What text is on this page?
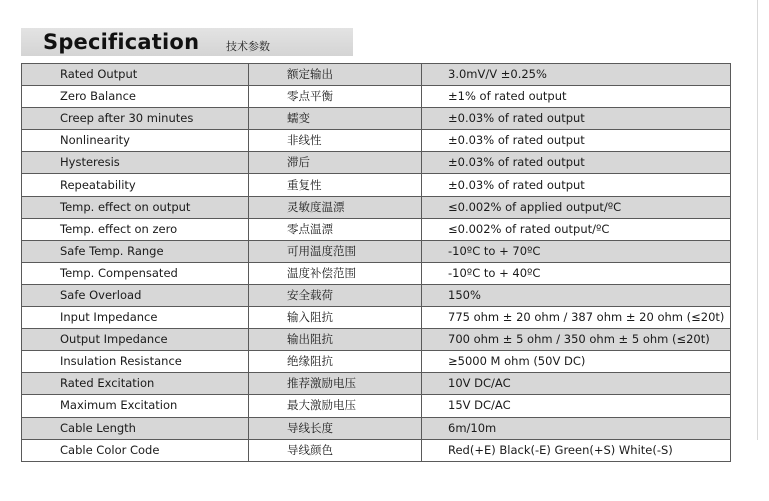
Specification 技术参数
Rated Output	额定输出	3.0mV/V ±0.25%
Zero Balance	零点平衡	±1% of rated output
Creep after 30 minutes	蠕变	±0.03% of rated output
Nonlinearity	非线性	±0.03% of rated output
Hysteresis	滞后	±0.03% of rated output
Repeatability	重复性	±0.03% of rated output
Temp. effect on output	灵敏度温漂	≤0.002% of applied output/ºC
Temp. effect on zero	零点温漂	≤0.002% of rated output/ºC
Safe Temp. Range	可用温度范围	-10ºC to + 70ºC
Temp. Compensated	温度补偿范围	-10ºC to + 40ºC
Safe Overload	安全载荷	150%
Input Impedance	输入阻抗	775 ohm ± 20 ohm / 387 ohm ± 20 ohm (≤20t)
Output Impedance	输出阻抗	700 ohm ± 5 ohm / 350 ohm ± 5 ohm (≤20t)
Insulation Resistance	绝缘阻抗	≥5000 M ohm (50V DC)
Rated Excitation	推荐激励电压	10V DC/AC
Maximum Excitation	最大激励电压	15V DC/AC
Cable Length	导线长度	6m/10m
Cable Color Code	导线颜色	Red(+E) Black(-E) Green(+S) White(-S)
